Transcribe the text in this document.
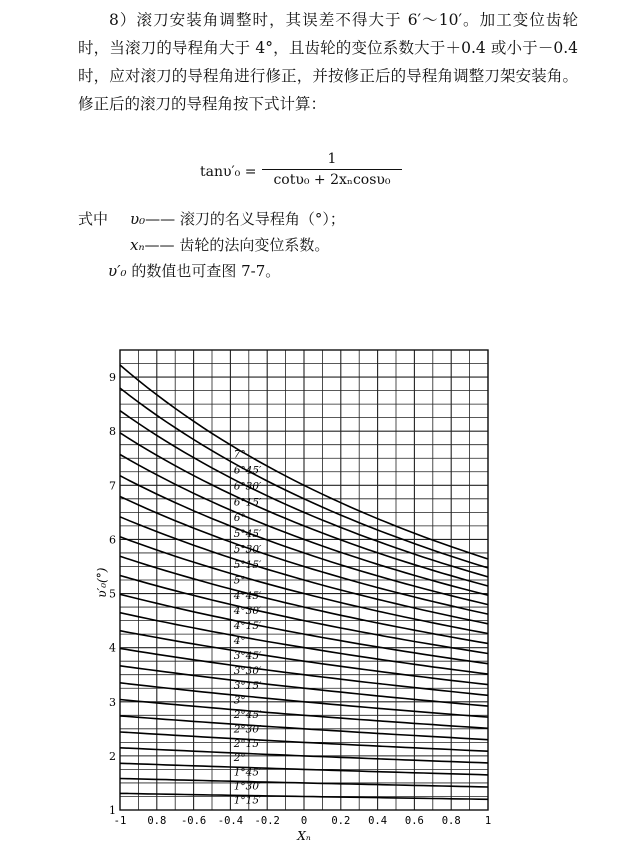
8）滚刀安装角调整时，其误差不得大于 6′～10′。加工变位齿轮时，当滚刀的导程角大于 4°，且齿轮的变位系数大于＋0.4 或小于－0.4 时，应对滚刀的导程角进行修正，并按修正后的导程角调整刀架安装角。修正后的滚刀的导程角按下式计算：

tanυ′₀ =
1
cotυ₀ + 2xₙcosυ₀
式中 υ₀—— 滚刀的名义导程角（°）；
xₙ—— 齿轮的法向变位系数。
υ′₀ 的数值也可查图 7-7。
7°
6°45′
6°30′
6°15′
6°
5°45′
5°30′
5°15′
5°
4°45′
4°30′
4°15′
4°
3°45′
3°30′
3°15′
3°
2°45′
2°30′
2°15′
2°
1°45′
1°30′
1°15′
-1 0.8 -0.6 -0.4 -0.2 0 0.2 0.4 0.6 0.8 1
1
2
3
4
5
6
7
8
9
Xₙ
υ′₀(°)
